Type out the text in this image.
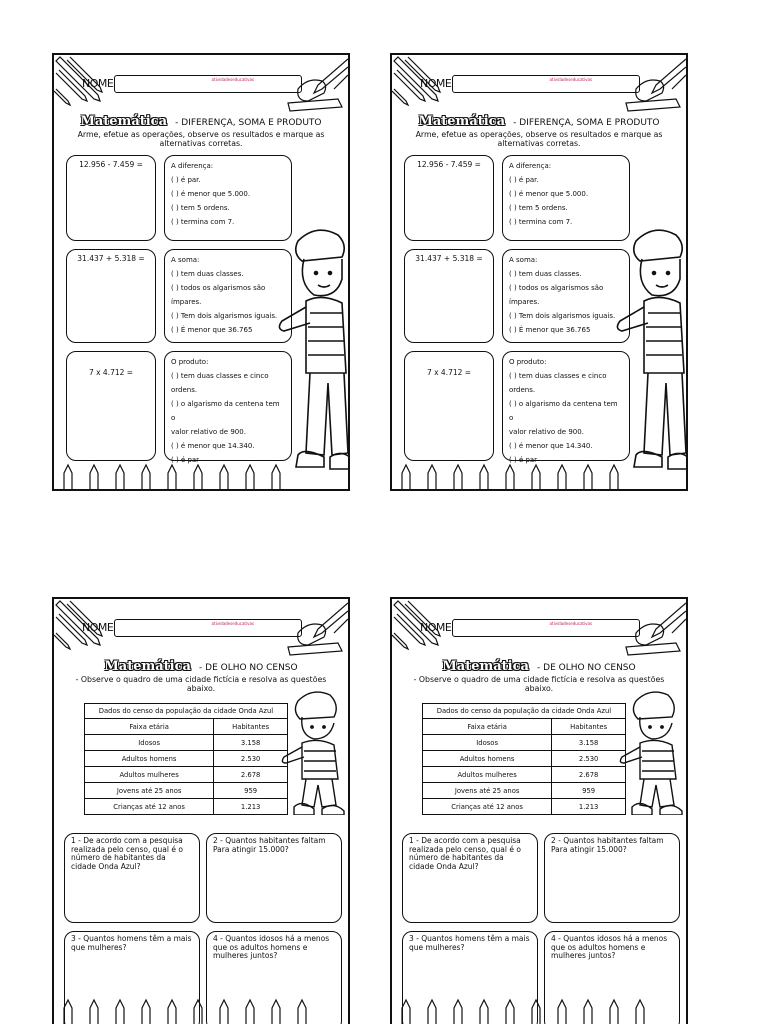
NOME	atividadeseducativas
Matemática - DIFERENÇA, SOMA E PRODUTO
Arme, efetue as operações, observe os resultados e marque as alternativas corretas.
12.956 - 7.459 =	A diferença:
( ) é par.
( ) é menor que 5.000.
( ) tem 5 ordens.
( ) termina com 7.
31.437 + 5.318 =	A soma:
( ) tem duas classes.
( ) todos os algarismos são
ímpares.
( ) Tem dois algarismos iguais.
( ) É menor que 36.765
7 x 4.712 =
O produto:
( ) tem duas classes e cinco
ordens.
( ) o algarismo da centena tem o
valor relativo de 900.
( ) é menor que 14.340.
( ) é par
NOME	atividadeseducativas
Matemática - DIFERENÇA, SOMA E PRODUTO
Arme, efetue as operações, observe os resultados e marque as alternativas corretas.
12.956 - 7.459 =	A diferença:
( ) é par.
( ) é menor que 5.000.
( ) tem 5 ordens.
( ) termina com 7.
31.437 + 5.318 =	A soma:
( ) tem duas classes.
( ) todos os algarismos são
ímpares.
( ) Tem dois algarismos iguais.
( ) É menor que 36.765
7 x 4.712 =
O produto:
( ) tem duas classes e cinco
ordens.
( ) o algarismo da centena tem o
valor relativo de 900.
( ) é menor que 14.340.
( ) é par
NOME	atividadeseducativas
Matemática - DE OLHO NO CENSO
- Observe o quadro de uma cidade fictícia e resolva as questões abaixo.
Dados do censo da população da cidade Onda Azul	
Faixa etária	Habitantes
Idosos	3.158
Adultos homens	2.530
Adultos mulheres	2.678
Jovens até 25 anos	959
Crianças até 12 anos	1.213
1 - De acordo com a pesquisa realizada pelo censo, qual é o número de habitantes da cidade Onda Azul?
2 - Quantos habitantes faltam Para atingir 15.000?
3 - Quantos homens têm a mais que mulheres?
4 - Quantos idosos há a menos que os adultos homens e mulheres juntos?
NOME	atividadeseducativas
Matemática - DE OLHO NO CENSO
- Observe o quadro de uma cidade fictícia e resolva as questões abaixo.
Dados do censo da população da cidade Onda Azul	
Faixa etária	Habitantes
Idosos	3.158
Adultos homens	2.530
Adultos mulheres	2.678
Jovens até 25 anos	959
Crianças até 12 anos	1.213
1 - De acordo com a pesquisa realizada pelo censo, qual é o número de habitantes da cidade Onda Azul?
2 - Quantos habitantes faltam Para atingir 15.000?
3 - Quantos homens têm a mais que mulheres?
4 - Quantos idosos há a menos que os adultos homens e mulheres juntos?
